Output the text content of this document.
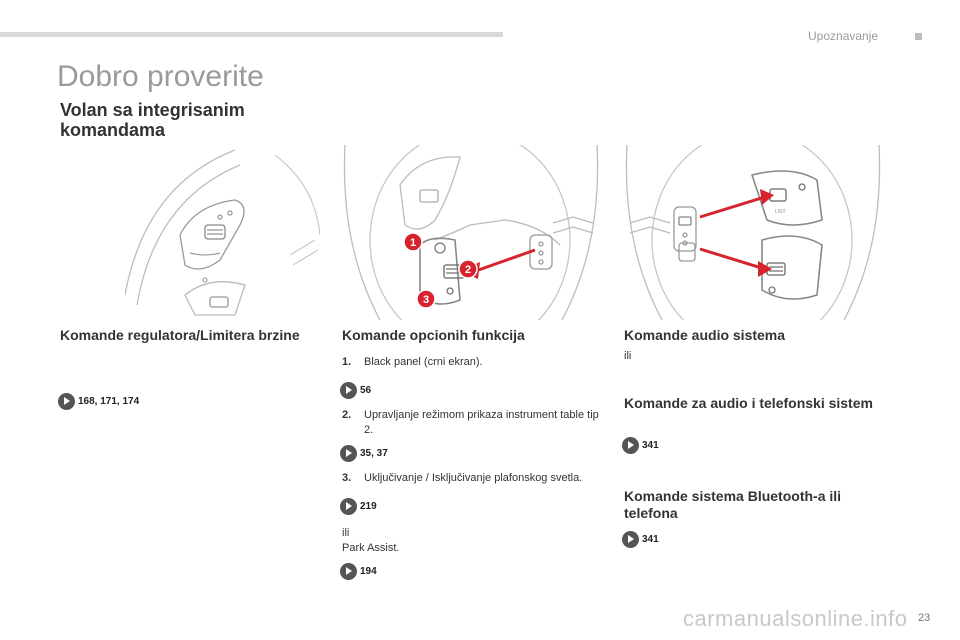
Upoznavanje
Dobro proverite
Volan sa integrisanim komandama
1
2
3
LIST
Komande regulatora/Limitera brzine
168, 171, 174
Komande opcionih funkcija
1.	Black panel (crni ekran).
56
2.	Upravljanje režimom prikaza instrument table tip 2.
35, 37
3.	Uključivanje / Isključivanje plafonskog svetla.
219
ili
Park Assist.
194
Komande audio sistema
ili
Komande za audio i telefonski sistem
341
Komande sistema Bluetooth-a ili telefona
341
carmanualsonline.info 23
